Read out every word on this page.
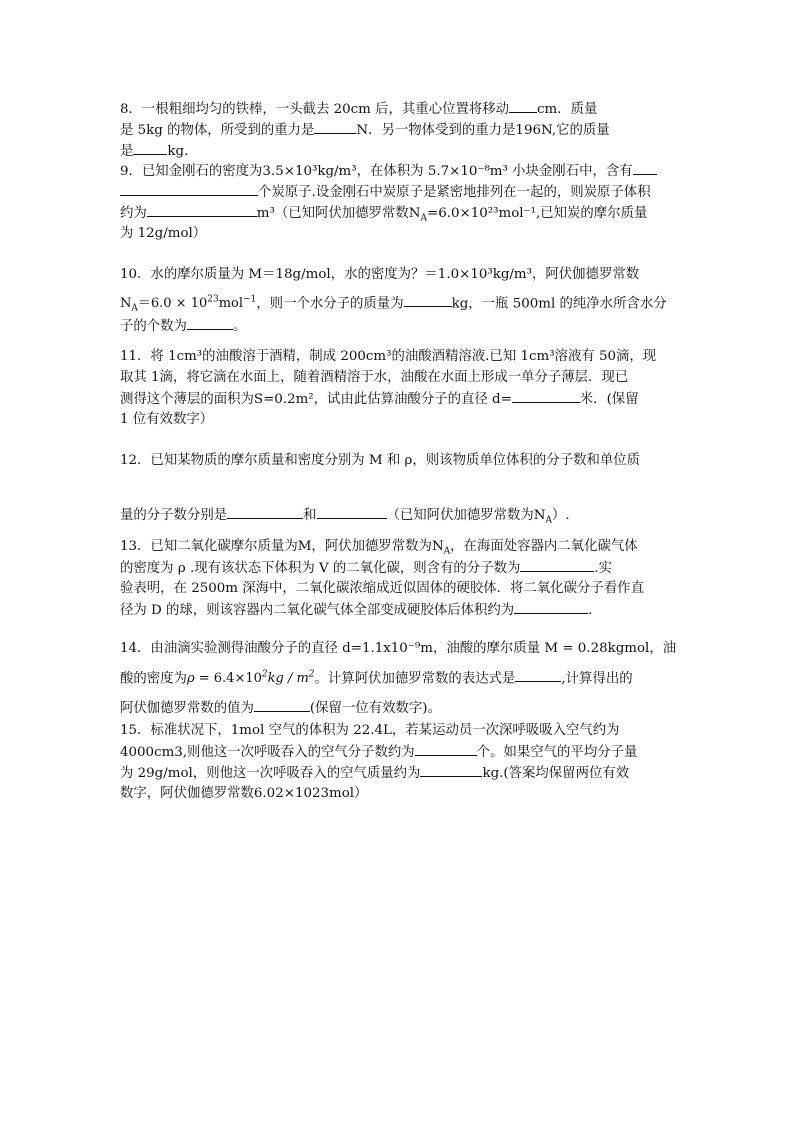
8．一根粗细均匀的铁棒，一头截去 20cm 后，其重心位置将移动 cm．质量
是 5kg 的物体，所受到的重力是	N．另一物体受到的重力是196N,它的质量
是	kg.
9．已知金刚石的密度为3.5×10³kg/m³，在体积为 5.7×10⁻⁸m³ 小块金刚石中，含有
个炭原子.设金刚石中炭原子是紧密地排列在一起的，则炭原子体积
约为	m³（已知阿伏加德罗常数$N_A=6.0\times 10^{23}mol^{-1}$,已知炭的摩尔质量
为 12g/mol）
10．水的摩尔质量为 M＝18g/mol，水的密度为？＝1.0×10³kg/m³，阿伏伽德罗常数
$N_A=6.0 \times 10^{23}mol^{-1}$，则一个水分子的质量为	kg，一瓶 500ml 的纯净水所含水分
子的个数为	。
11．将 1cm³的油酸溶于酒精，制成 200cm³的油酸酒精溶液.已知 1cm³溶液有 50滴，现
取其 1滴，将它滴在水面上，随着酒精溶于水，油酸在水面上形成一单分子薄层．现已
测得这个薄层的面积为S=0.2m²，试由此估算油酸分子的直径 d=	米．(保留
1 位有效数字）
12．已知某物质的摩尔质量和密度分别为 M 和 ρ，则该物质单位体积的分子数和单位质
量的分子数分别是	和	（已知阿伏加德罗常数为$N_A$）.
13．已知二氧化碳摩尔质量为M，阿伏加德罗常数为$N_A$，在海面处容器内二氧化碳气体
的密度为 ρ .现有该状态下体积为 V 的二氧化碳，则含有的分子数为	.实
验表明，在 2500m 深海中，二氧化碳浓缩成近似固体的硬胶体．将二氧化碳分子看作直
径为 D 的球，则该容器内二氧化碳气体全部变成硬胶体后体积约为	．
14．由油滴实验测得油酸分子的直径 d=1.1x10⁻⁹m，油酸的摩尔质量 M = 0.28kgmol，油
酸的密度为$\rho = 6.4\times 10^2kg / m^2$。计算阿伏加德罗常数的表达式是	,计算得出的
阿伏伽德罗常数的值为	(保留一位有效数字)。
15．标准状况下，1mol 空气的体积为 22.4L，若某运动员一次深呼吸吸入空气约为
4000cm3,则他这一次呼吸吞入的空气分子数约为	个。如果空气的平均分子量
为 29g/mol，则他这一次呼吸吞入的空气质量约为	kg.(答案均保留两位有效
数字，阿伏伽德罗常数6.02×1023mol）
